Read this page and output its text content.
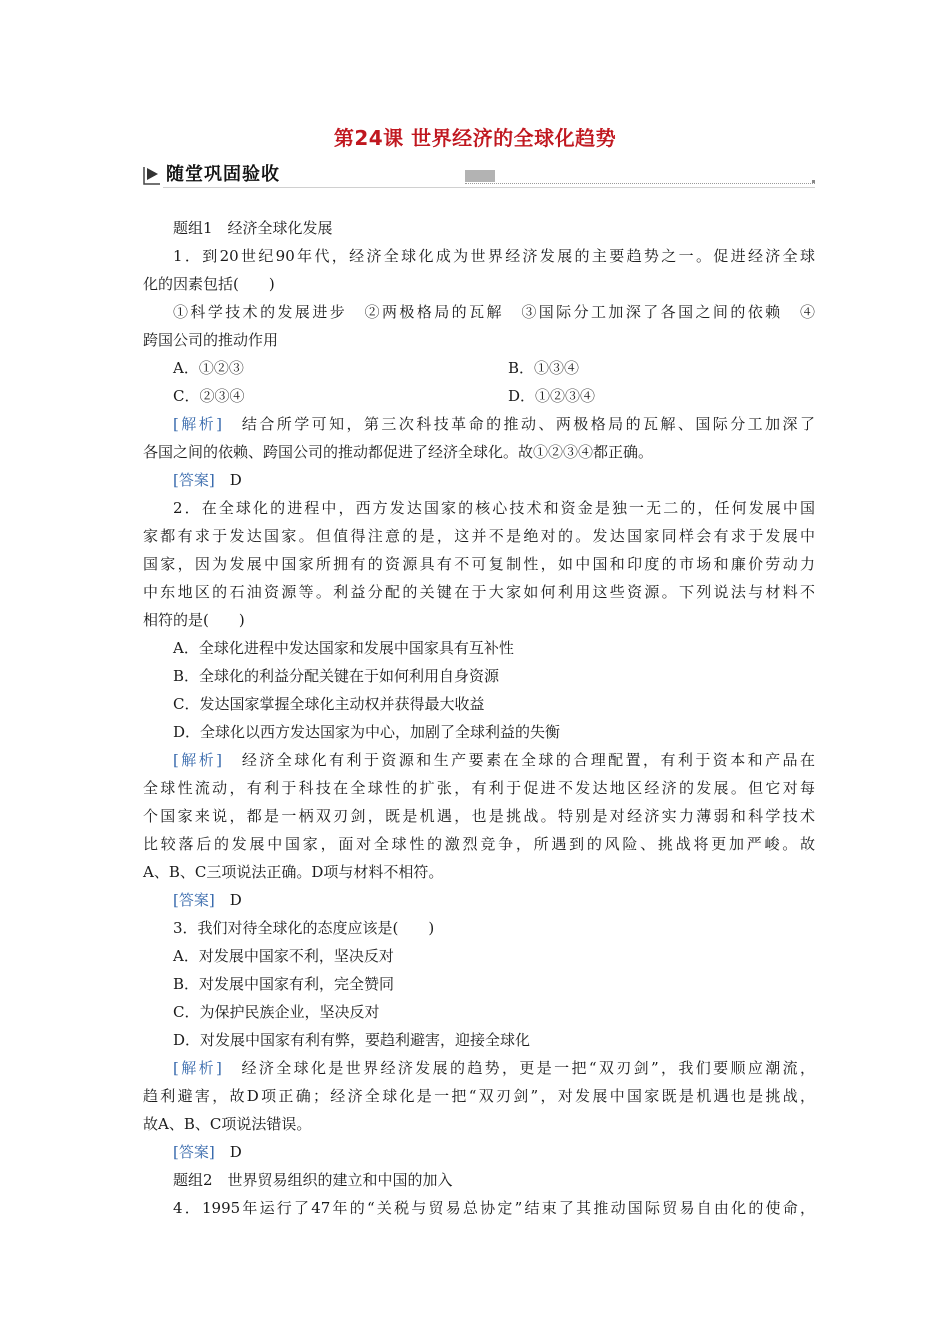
第24课 世界经济的全球化趋势
随堂巩固验收
题组1　经济全球化发展
1．到20世纪90年代，经济全球化成为世界经济发展的主要趋势之一。促进经济全球
化的因素包括(　　)
①科学技术的发展进步　②两极格局的瓦解　③国际分工加深了各国之间的依赖　④
跨国公司的推动作用
A．①②③	B．①③④
C．②③④	D．①②③④
[解析]　结合所学可知，第三次科技革命的推动、两极格局的瓦解、国际分工加深了
各国之间的依赖、跨国公司的推动都促进了经济全球化。故①②③④都正确。
[答案]　D
2．在全球化的进程中，西方发达国家的核心技术和资金是独一无二的，任何发展中国
家都有求于发达国家。但值得注意的是，这并不是绝对的。发达国家同样会有求于发展中
国家，因为发展中国家所拥有的资源具有不可复制性，如中国和印度的市场和廉价劳动力
中东地区的石油资源等。利益分配的关键在于大家如何利用这些资源。下列说法与材料不
相符的是(　　)
A．全球化进程中发达国家和发展中国家具有互补性
B．全球化的利益分配关键在于如何利用自身资源
C．发达国家掌握全球化主动权并获得最大收益
D．全球化以西方发达国家为中心，加剧了全球利益的失衡
[解析]　经济全球化有利于资源和生产要素在全球的合理配置，有利于资本和产品在
全球性流动，有利于科技在全球性的扩张，有利于促进不发达地区经济的发展。但它对每
个国家来说，都是一柄双刃剑，既是机遇，也是挑战。特别是对经济实力薄弱和科学技术
比较落后的发展中国家，面对全球性的激烈竞争，所遇到的风险、挑战将更加严峻。故
A、B、C三项说法正确。D项与材料不相符。
[答案]　D
3．我们对待全球化的态度应该是(　　)
A．对发展中国家不利，坚决反对
B．对发展中国家有利，完全赞同
C．为保护民族企业，坚决反对
D．对发展中国家有利有弊，要趋利避害，迎接全球化
[解析]　经济全球化是世界经济发展的趋势，更是一把“双刃剑”，我们要顺应潮流，
趋利避害，故D项正确；经济全球化是一把“双刃剑”，对发展中国家既是机遇也是挑战，
故A、B、C项说法错误。
[答案]　D
题组2　世界贸易组织的建立和中国的加入
4．1995年运行了47年的“关税与贸易总协定”结束了其推动国际贸易自由化的使命，
